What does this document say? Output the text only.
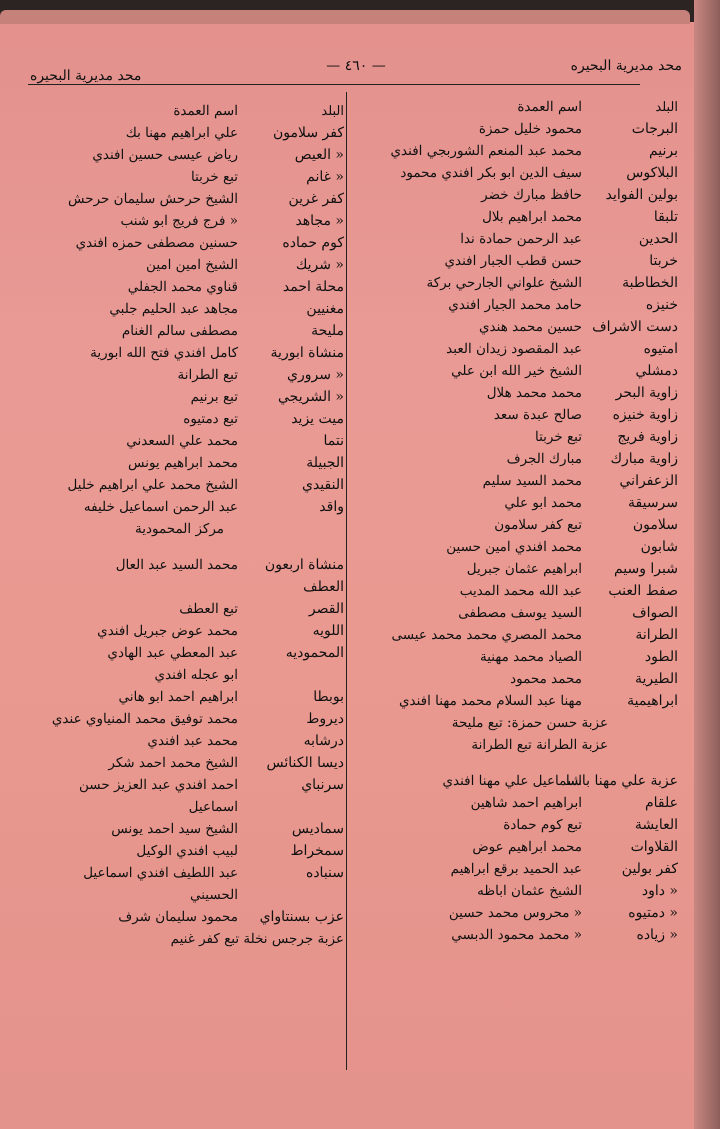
ﻣﺤﺪ ﻣﺪﻳﺮﻳﺔ اﻟﺒﺤﻴﺮه
— ٤٦٠ —
ﻣﺤﺪ ﻣﺪﻳﺮﻳﺔ اﻟﺒﺤﻴﺮه
البلد
اسم العمدة
البرجات
محمود خليل حمزة
برنيم
محمد عبد المنعم الشوربجي افندي
البلاكوس
سيف الدين ابو بكر افندي محمود
بولين الفوايد
حافظ مبارك خضر
تلبقا
محمد ابراهيم بلال
الحدين
عبد الرحمن حمادة ندا
خربتا
حسن قطب الجبار افندي
الخطاطبة
الشيخ علواني الجارحي بركة
خنيزه
حامد محمد الجيار افندي
دست الاشراف
حسين محمد هندي
امتيوه
عبد المقصود زيدان العبد
دمشلي
الشيخ خير الله ابن علي
زاوية البحر
محمد محمد هلال
زاوية خنيزه
صالح عبدة سعد
زاوية فريج
تبع خربتا
زاوية مبارك
مبارك الجرف
الزعفراني
محمد السيد سليم
سرسيقة
محمد ابو علي
سلامون
تبع كفر سلامون
شابون
محمد افندي امين حسين
شبرا وسيم
ابراهيم عثمان جبريل
صفط العنب
عبد الله محمد المديب
الصواف
السيد يوسف مصطفى
الطرانة
محمد المصري محمد محمد عيسى
الطود
الصياد محمد مهنية
الطيرية
محمد محمود
ابراهيمية
مهنا عبد السلام محمد مهنا افندي
عزبة حسن حمزة: تبع مليحة
عزبة الطرانة تبع الطرانة
عزبة علي مهنا باشا
اسماعيل علي مهنا افندي
علقام
ابراهيم احمد شاهين
العايشة
تبع كوم حمادة
القلاوات
محمد ابراهيم عوض
كفر بولين
عبد الحميد برقع ابراهيم
« داود
الشيخ عثمان اباظه
« دمتيوه
« محروس محمد حسين
« زياده
« محمد محمود الدبسي
البلد
اسم العمدة
كفر سلامون
علي ابراهيم مهنا بك
« العيص
رياض عيسى حسين افندي
« غانم
تبع خربتا
كفر غرين
الشيخ حرحش سليمان حرحش
« مجاهد
« فرج فريج ابو شنب
كوم حماده
حسنين مصطفى حمزه افندي
« شريك
الشيخ امين امين
محلة احمد
قناوي محمد الجفلي
مغنيين
مجاهد عبد الحليم جلبي
مليحة
مصطفى سالم الغنام
منشاة ابورية
كامل افندي فتح الله ابورية
« سروري
تبع الطرانة
« الشريجي
تبع برنيم
ميت يزيد
تبع دمتيوه
نتما
محمد علي السعدني
الجبيلة
محمد ابراهيم يونس
النقيدي
الشيخ محمد علي ابراهيم خليل
واقد
عبد الرحمن اسماعيل خليفه
مركز المحمودية
منشاة اربعون
محمد السيد عبد العال
العطف
القصر
تبع العطف
اللويه
محمد عوض جبريل افندي
المحموديه
عبد المعطي عبد الهادي
ابو عجله افندي
بوبطا
ابراهيم احمد ابو هاني
ديروط
محمد توفيق محمد المنياوي عندي
درشابه
محمد عبد افندي
ديسا الكنائس
الشيخ محمد احمد شكر
سرنباي
احمد افندي عبد العزيز حسن
اسماعيل
سماديس
الشيخ سيد احمد يونس
سمخراط
لبيب افندي الوكيل
سنباده
عبد اللطيف افندي اسماعيل
الحسيني
عزب بسنتاواي
محمود سليمان شرف
عزبة جرجس نخلة تبع كفر غنيم
